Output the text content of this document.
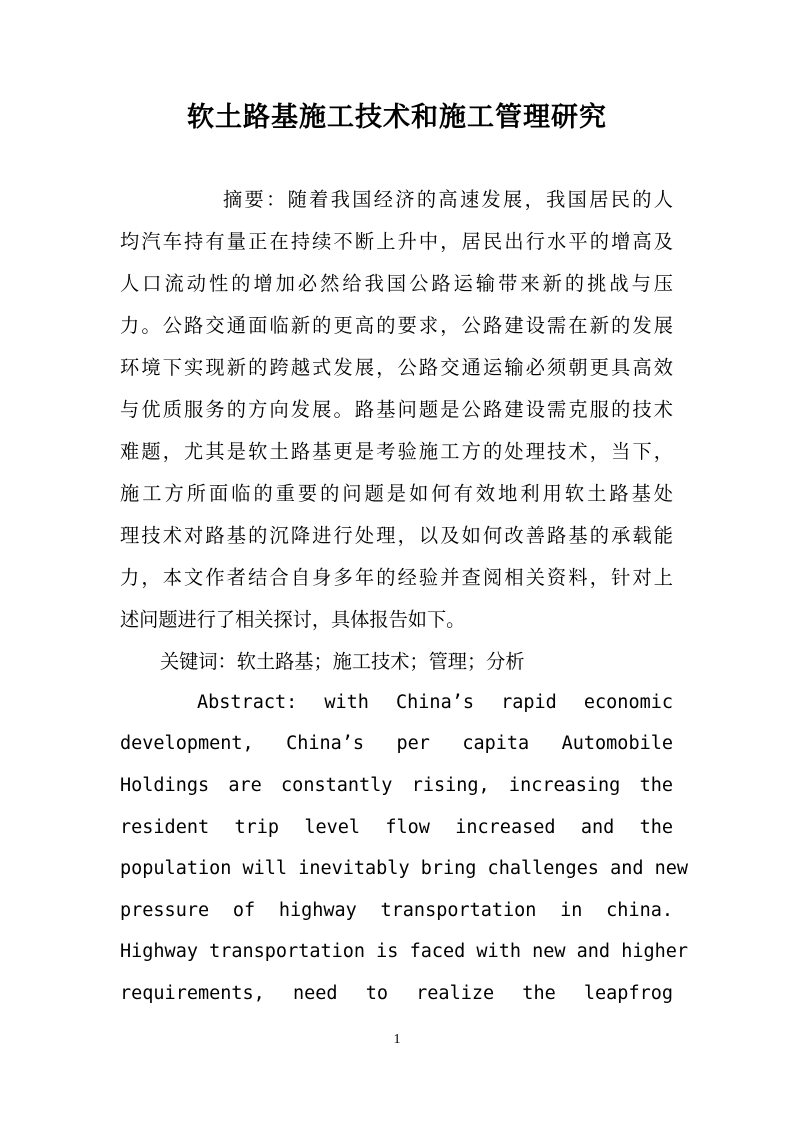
软土路基施工技术和施工管理研究
摘要：随着我国经济的高速发展，我国居民的人
均汽车持有量正在持续不断上升中，居民出行水平的增高及
人口流动性的增加必然给我国公路运输带来新的挑战与压
力。公路交通面临新的更高的要求，公路建设需在新的发展
环境下实现新的跨越式发展，公路交通运输必须朝更具高效
与优质服务的方向发展。路基问题是公路建设需克服的技术
难题，尤其是软土路基更是考验施工方的处理技术，当下，
施工方所面临的重要的问题是如何有效地利用软土路基处
理技术对路基的沉降进行处理，以及如何改善路基的承载能
力，本文作者结合自身多年的经验并查阅相关资料，针对上
述问题进行了相关探讨，具体报告如下。
关键词：软土路基；施工技术；管理；分析
Abstract: with China’s rapid economic
development, China’s per capita Automobile
Holdings are constantly rising, increasing the
resident trip level flow increased and the
population will inevitably bring challenges and new
pressure of highway transportation in china.
Highway transportation is faced with new and higher
requirements, need to realize the leapfrog
1
